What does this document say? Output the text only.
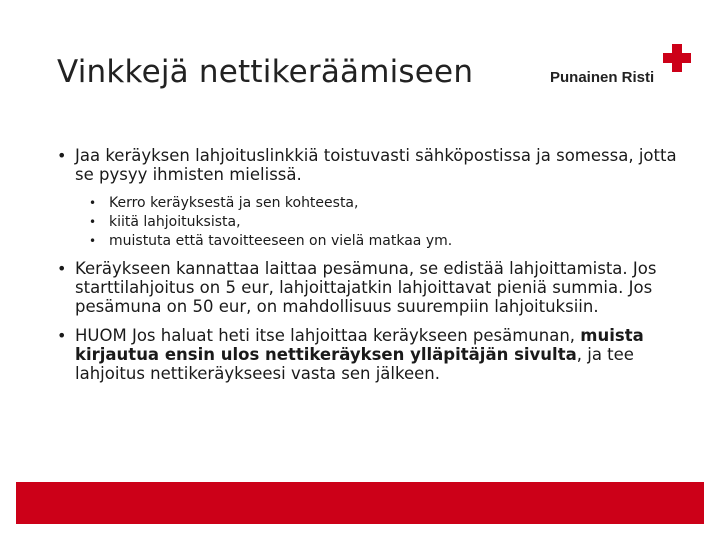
Vinkkejä nettikeräämiseen	Punainen Risti
• Jaa keräyksen lahjoituslinkkiä toistuvasti sähköpostissa ja somessa, jotta se pysyy ihmisten mielissä.
• Kerro keräyksestä ja sen kohteesta,
• kiitä lahjoituksista,
• muistuta että tavoitteeseen on vielä matkaa ym.
• Keräykseen kannattaa laittaa pesämuna, se edistää lahjoittamista. Jos starttilahjoitus on 5 eur, lahjoittajatkin lahjoittavat pieniä summia. Jos pesämuna on 50 eur, on mahdollisuus suurempiin lahjoituksiin.
• HUOM Jos haluat heti itse lahjoittaa keräykseen pesämunan, muista kirjautua ensin ulos nettikeräyksen ylläpitäjän sivulta, ja tee lahjoitus nettikeräykseesi vasta sen jälkeen.
